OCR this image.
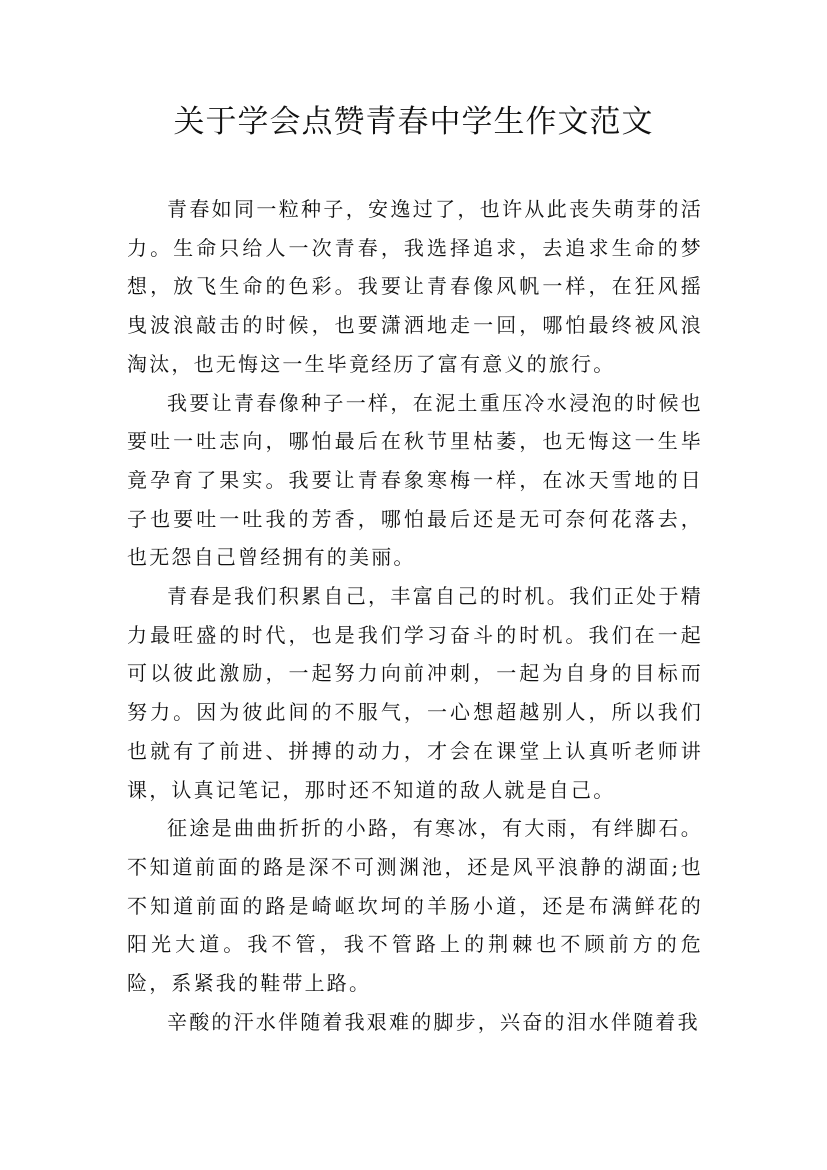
关于学会点赞青春中学生作文范文

青春如同一粒种子，安逸过了，也许从此丧失萌芽的活力。生命只给人一次青春，我选择追求，去追求生命的梦想，放飞生命的色彩。我要让青春像风帆一样，在狂风摇曳波浪敲击的时候，也要潇洒地走一回，哪怕最终被风浪淘汰，也无悔这一生毕竟经历了富有意义的旅行。

我要让青春像种子一样，在泥土重压冷水浸泡的时候也要吐一吐志向，哪怕最后在秋节里枯萎，也无悔这一生毕竟孕育了果实。我要让青春象寒梅一样，在冰天雪地的日子也要吐一吐我的芳香，哪怕最后还是无可奈何花落去，也无怨自己曾经拥有的美丽。

青春是我们积累自己，丰富自己的时机。我们正处于精力最旺盛的时代，也是我们学习奋斗的时机。我们在一起可以彼此激励，一起努力向前冲刺，一起为自身的目标而努力。因为彼此间的不服气，一心想超越别人，所以我们也就有了前进、拼搏的动力，才会在课堂上认真听老师讲课，认真记笔记，那时还不知道的敌人就是自己。

征途是曲曲折折的小路，有寒冰，有大雨，有绊脚石。不知道前面的路是深不可测渊池，还是风平浪静的湖面;也不知道前面的路是崎岖坎坷的羊肠小道，还是布满鲜花的阳光大道。我不管，我不管路上的荆棘也不顾前方的危险，系紧我的鞋带上路。

辛酸的汗水伴随着我艰难的脚步，兴奋的泪水伴随着我
